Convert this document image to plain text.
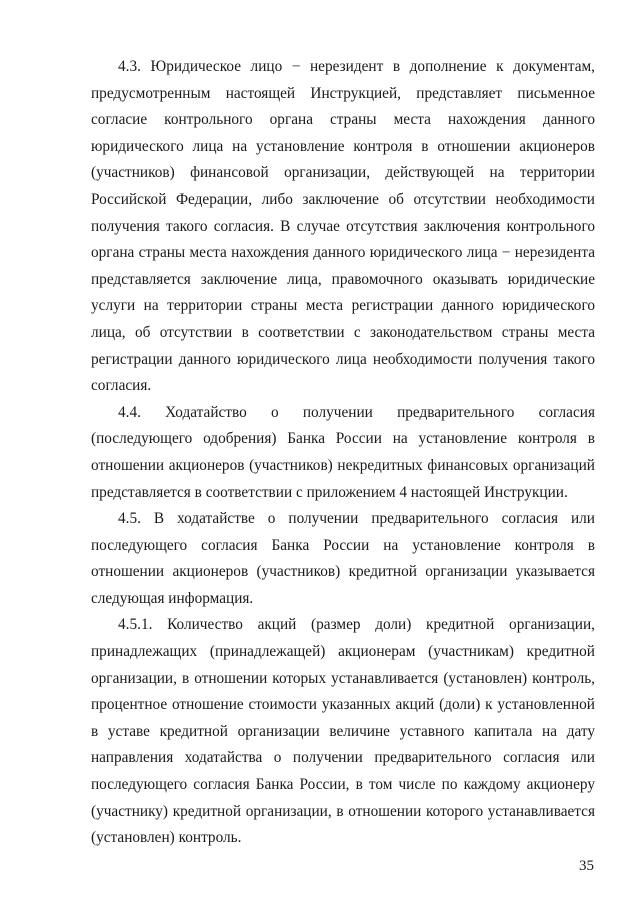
4.3. Юридическое лицо − нерезидент в дополнение к документам, предусмотренным настоящей Инструкцией, представляет письменное согласие контрольного органа страны места нахождения данного юридического лица на установление контроля в отношении акционеров (участников) финансовой организации, действующей на территории Российской Федерации, либо заключение об отсутствии необходимости получения такого согласия. В случае отсутствия заключения контрольного органа страны места нахождения данного юридического лица − нерезидента представляется заключение лица, правомочного оказывать юридические услуги на территории страны места регистрации данного юридического лица, об отсутствии в соответствии с законодательством страны места регистрации данного юридического лица необходимости получения такого согласия.

4.4. Ходатайство о получении предварительного согласия (последующего одобрения) Банка России на установление контроля в отношении акционеров (участников) некредитных финансовых организаций представляется в соответствии с приложением 4 настоящей Инструкции.

4.5. В ходатайстве о получении предварительного согласия или последующего согласия Банка России на установление контроля в отношении акционеров (участников) кредитной организации указывается следующая информация.

4.5.1. Количество акций (размер доли) кредитной организации, принадлежащих (принадлежащей) акционерам (участникам) кредитной организации, в отношении которых устанавливается (установлен) контроль, процентное отношение стоимости указанных акций (доли) к установленной в уставе кредитной организации величине уставного капитала на дату направления ходатайства о получении предварительного согласия или последующего согласия Банка России, в том числе по каждому акционеру (участнику) кредитной организации, в отношении которого устанавливается (установлен) контроль.

35
